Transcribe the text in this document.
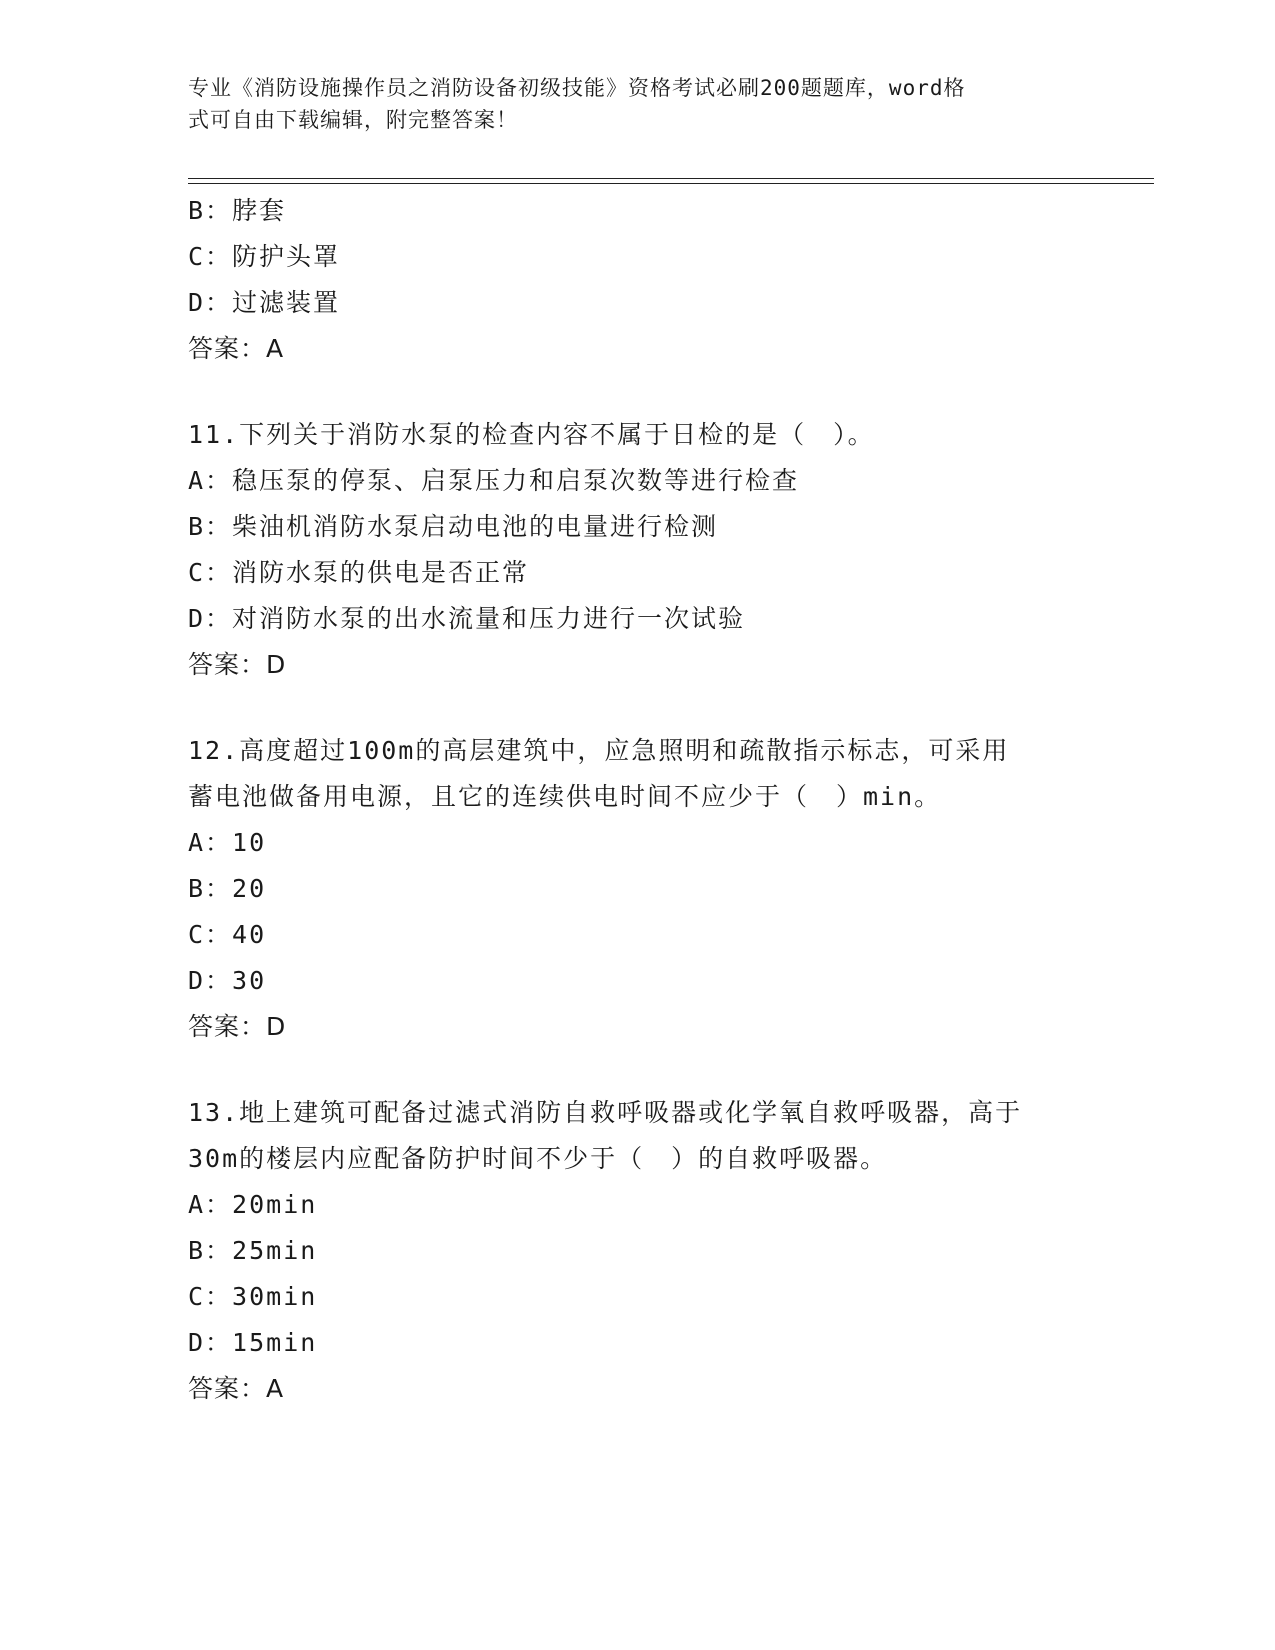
专业《消防设施操作员之消防设备初级技能》资格考试必刷200题题库，word格
式可自由下载编辑，附完整答案！
B：脖套
C：防护头罩
D：过滤装置
答案：A
11.下列关于消防水泵的检查内容不属于日检的是（　）。
A：稳压泵的停泵、启泵压力和启泵次数等进行检查
B：柴油机消防水泵启动电池的电量进行检测
C：消防水泵的供电是否正常
D：对消防水泵的出水流量和压力进行一次试验
答案：D
12.高度超过100m的高层建筑中，应急照明和疏散指示标志，可采用
蓄电池做备用电源，且它的连续供电时间不应少于（　）min。
A：10
B：20
C：40
D：30
答案：D
13.地上建筑可配备过滤式消防自救呼吸器或化学氧自救呼吸器，高于
30m的楼层内应配备防护时间不少于（　）的自救呼吸器。
A：20min
B：25min
C：30min
D：15min
答案：A
